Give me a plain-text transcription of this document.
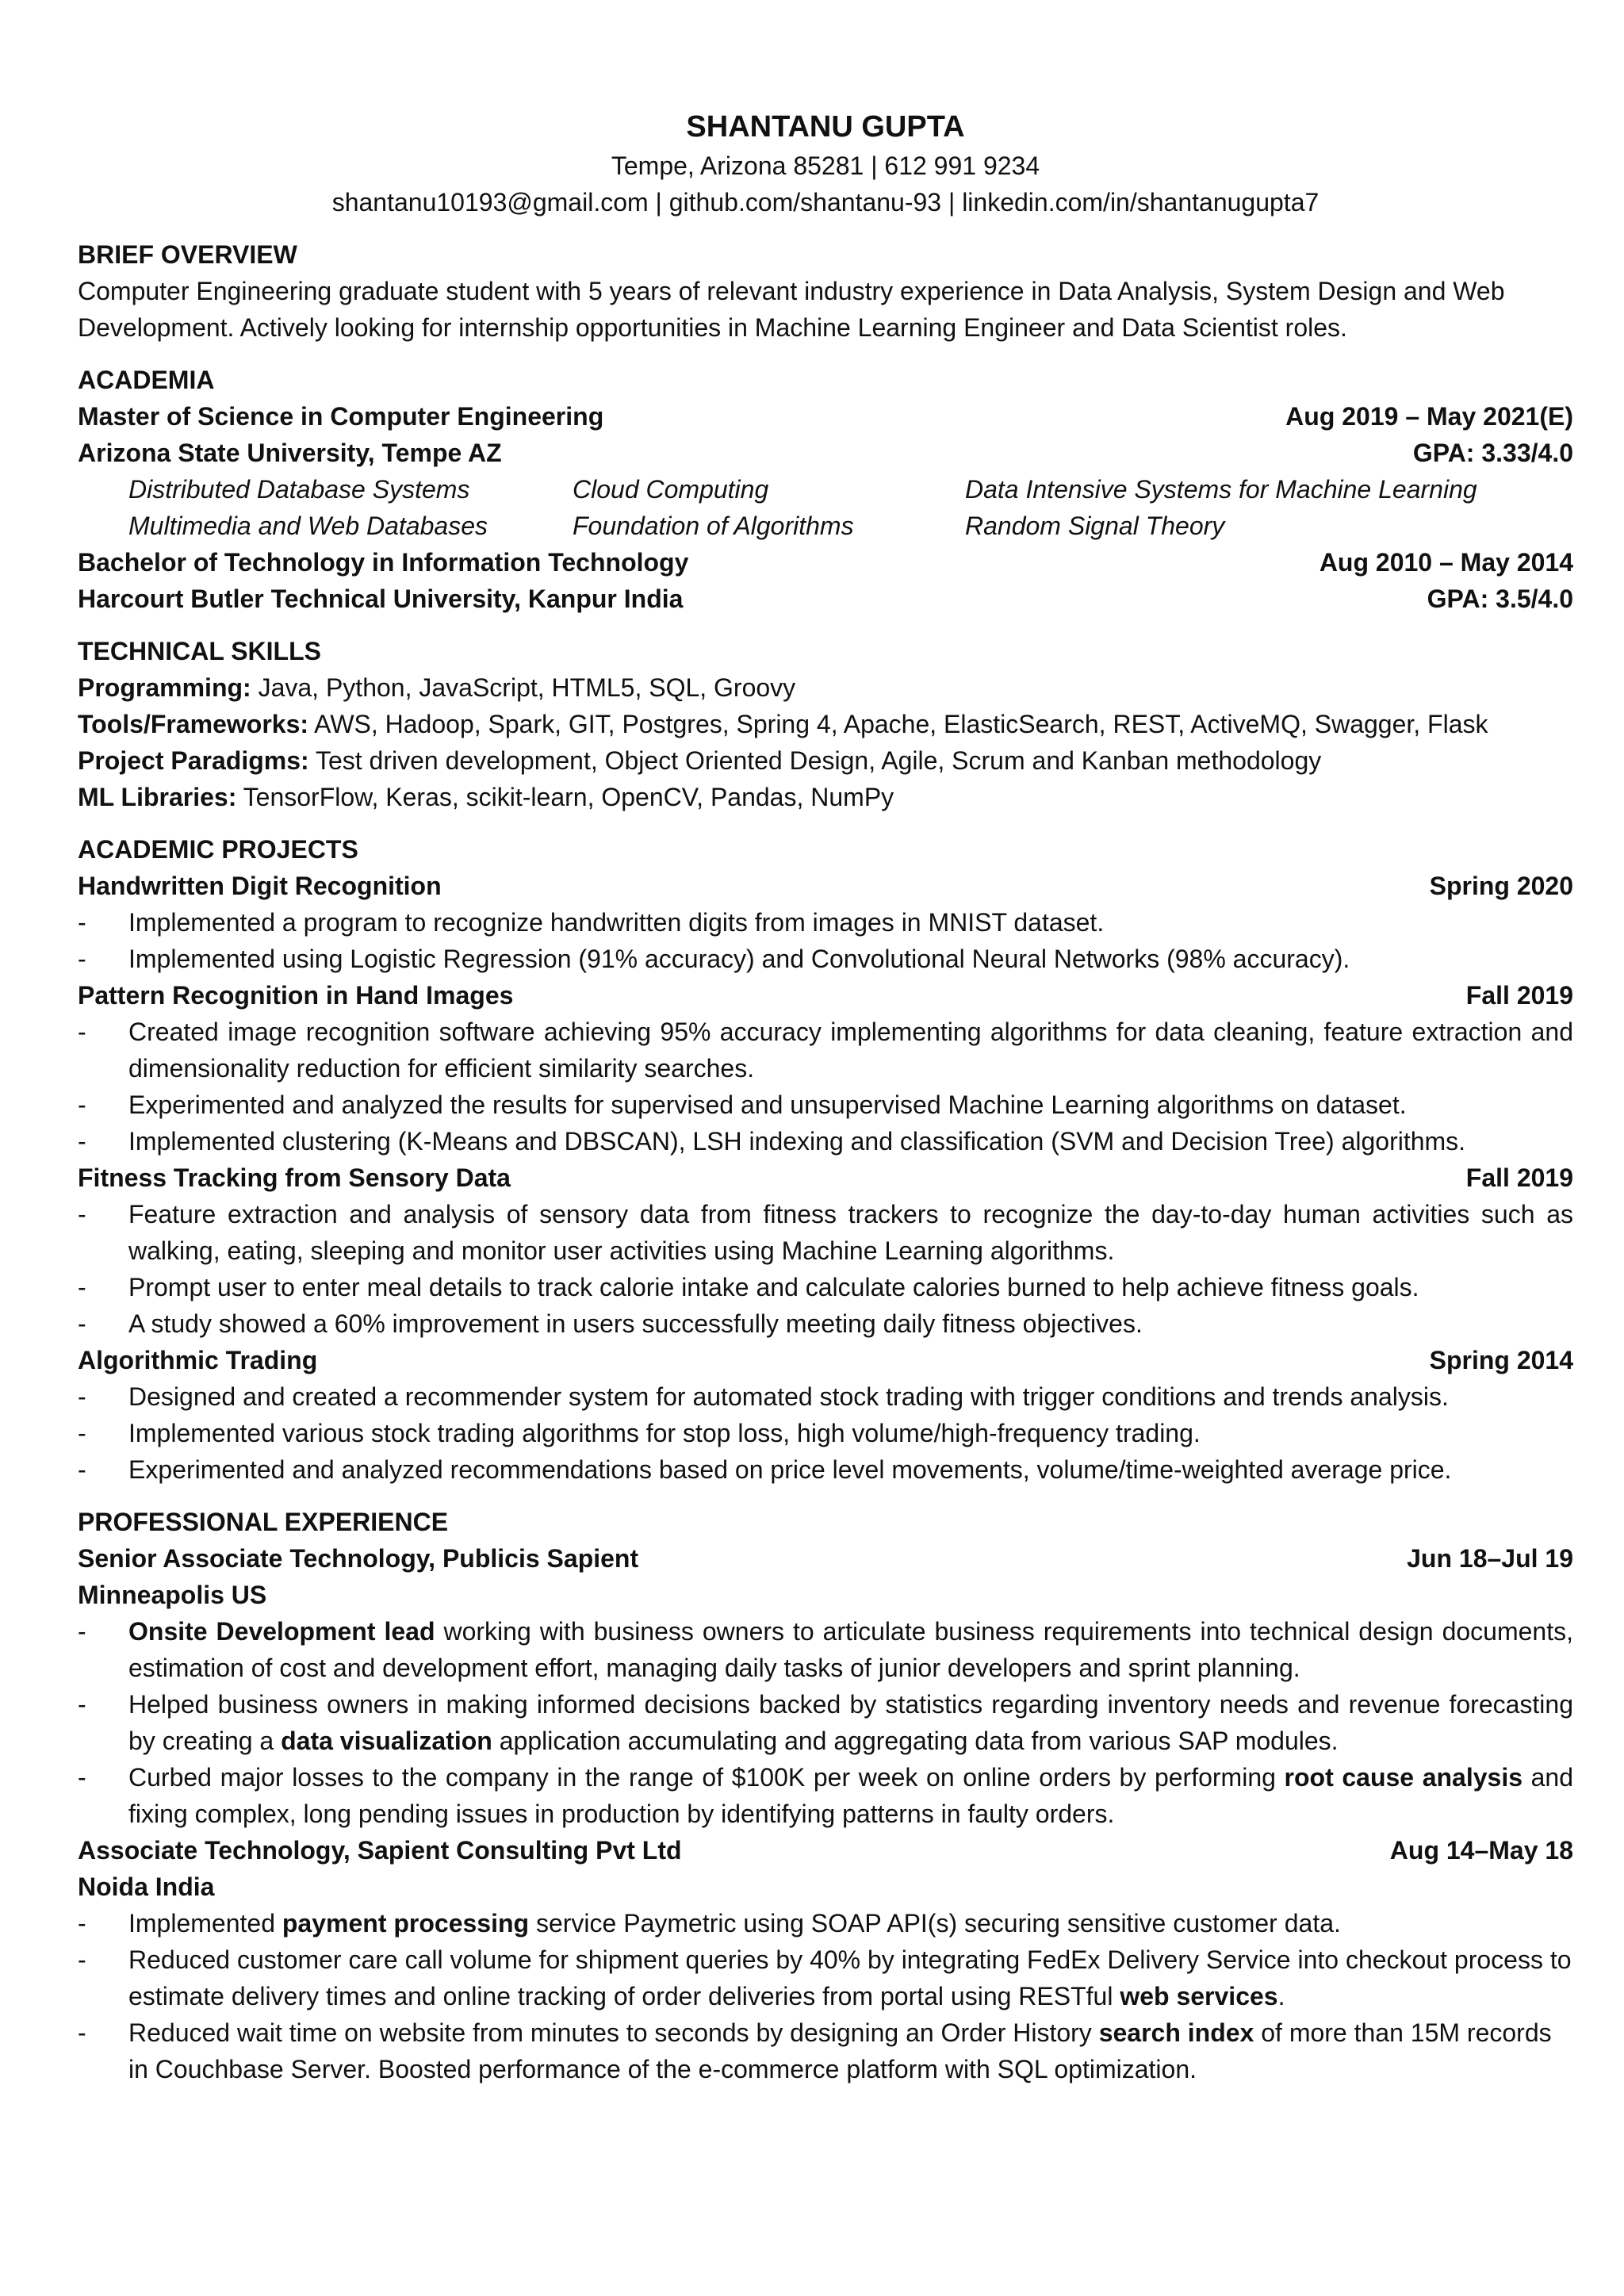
SHANTANU GUPTA
Tempe, Arizona 85281 | 612 991 9234
shantanu10193@gmail.com | github.com/shantanu-93 | linkedin.com/in/shantanugupta7
BRIEF OVERVIEW
Computer Engineering graduate student with 5 years of relevant industry experience in Data Analysis, System Design and Web Development. Actively looking for internship opportunities in Machine Learning Engineer and Data Scientist roles.
ACADEMIA
Master of Science in Computer Engineering	Aug 2019 – May 2021(E)
Arizona State University, Tempe AZ	GPA: 3.33/4.0
Distributed Database Systems	Cloud Computing	Data Intensive Systems for Machine Learning
Multimedia and Web Databases	Foundation of Algorithms	Random Signal Theory
Bachelor of Technology in Information Technology	Aug 2010 – May 2014
Harcourt Butler Technical University, Kanpur India	GPA: 3.5/4.0
TECHNICAL SKILLS
Programming: Java, Python, JavaScript, HTML5, SQL, Groovy
Tools/Frameworks: AWS, Hadoop, Spark, GIT, Postgres, Spring 4, Apache, ElasticSearch, REST, ActiveMQ, Swagger, Flask
Project Paradigms: Test driven development, Object Oriented Design, Agile, Scrum and Kanban methodology
ML Libraries: TensorFlow, Keras, scikit-learn, OpenCV, Pandas, NumPy
ACADEMIC PROJECTS
Handwritten Digit Recognition	Spring 2020
-	Implemented a program to recognize handwritten digits from images in MNIST dataset.
-	Implemented using Logistic Regression (91% accuracy) and Convolutional Neural Networks (98% accuracy).
Pattern Recognition in Hand Images	Fall 2019
-	Created image recognition software achieving 95% accuracy implementing algorithms for data cleaning, feature extraction and dimensionality reduction for efficient similarity searches.
-	Experimented and analyzed the results for supervised and unsupervised Machine Learning algorithms on dataset.
-	Implemented clustering (K-Means and DBSCAN), LSH indexing and classification (SVM and Decision Tree) algorithms.
Fitness Tracking from Sensory Data	Fall 2019
-	Feature extraction and analysis of sensory data from fitness trackers to recognize the day-to-day human activities such as walking, eating, sleeping and monitor user activities using Machine Learning algorithms.
-	Prompt user to enter meal details to track calorie intake and calculate calories burned to help achieve fitness goals.
-	A study showed a 60% improvement in users successfully meeting daily fitness objectives.
Algorithmic Trading	Spring 2014
-	Designed and created a recommender system for automated stock trading with trigger conditions and trends analysis.
-	Implemented various stock trading algorithms for stop loss, high volume/high-frequency trading.
-	Experimented and analyzed recommendations based on price level movements, volume/time-weighted average price.
PROFESSIONAL EXPERIENCE
Senior Associate Technology, Publicis Sapient	Jun 18–Jul 19
Minneapolis US
-	Onsite Development lead working with business owners to articulate business requirements into technical design documents, estimation of cost and development effort, managing daily tasks of junior developers and sprint planning.
-	Helped business owners in making informed decisions backed by statistics regarding inventory needs and revenue forecasting by creating a data visualization application accumulating and aggregating data from various SAP modules.
-	Curbed major losses to the company in the range of $100K per week on online orders by performing root cause analysis and fixing complex, long pending issues in production by identifying patterns in faulty orders.
Associate Technology, Sapient Consulting Pvt Ltd	Aug 14–May 18
Noida India
-	Implemented payment processing service Paymetric using SOAP API(s) securing sensitive customer data.
-	Reduced customer care call volume for shipment queries by 40% by integrating FedEx Delivery Service into checkout process to estimate delivery times and online tracking of order deliveries from portal using RESTful web services.
-	Reduced wait time on website from minutes to seconds by designing an Order History search index of more than 15M records in Couchbase Server. Boosted performance of the e-commerce platform with SQL optimization.
